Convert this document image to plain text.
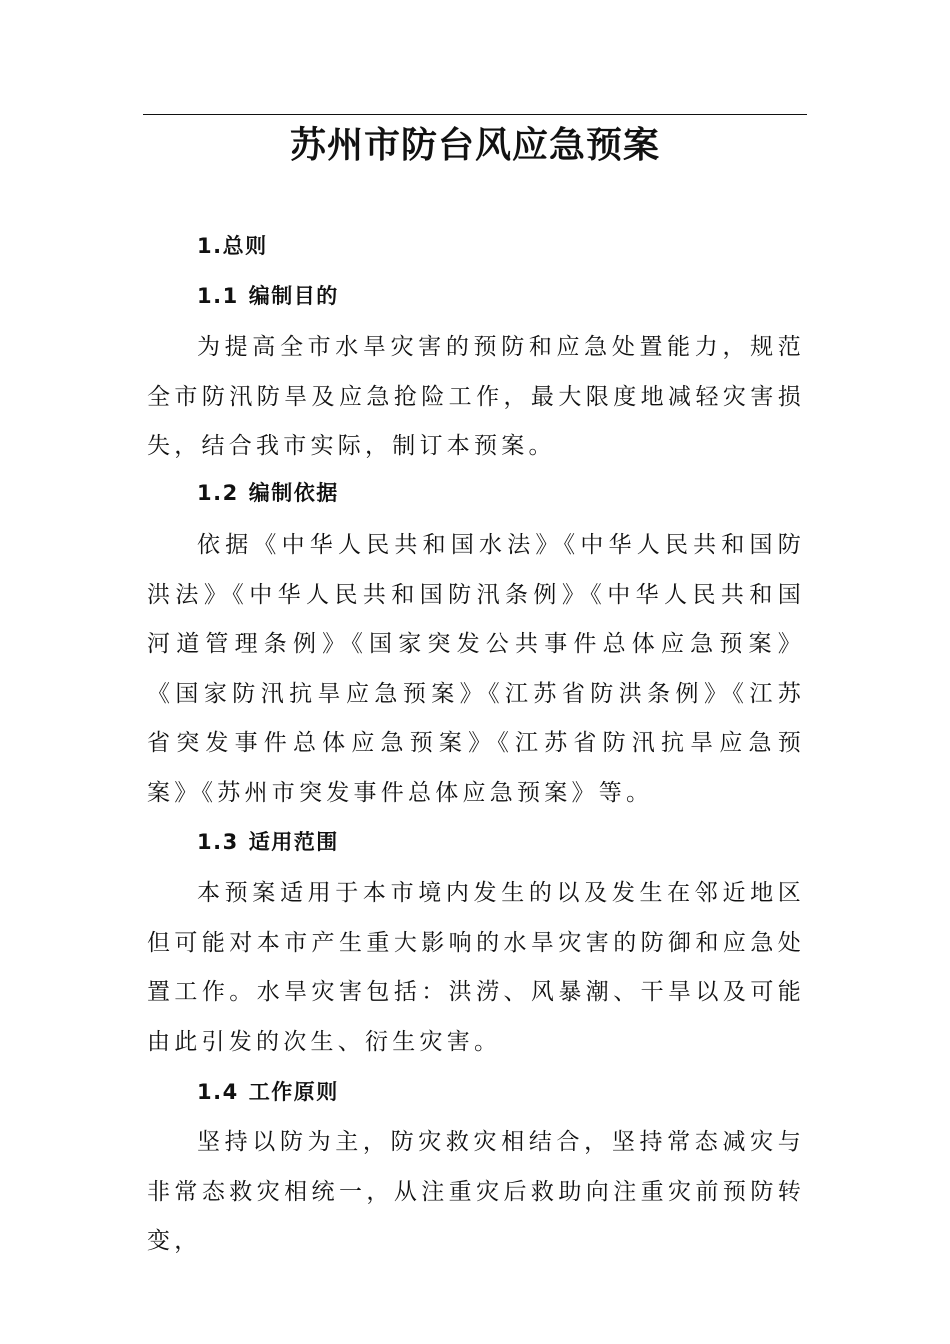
苏州市防台风应急预案
1.总则
1.1 编制目的

为提高全市水旱灾害的预防和应急处置能力，规范全市防汛防旱及应急抢险工作，最大限度地减轻灾害损失，结合我市实际，制订本预案。

1.2 编制依据

依据《中华人民共和国水法》《中华人民共和国防洪法》《中华人民共和国防汛条例》《中华人民共和国河道管理条例》《国家突发公共事件总体应急预案》《国家防汛抗旱应急预案》《江苏省防洪条例》《江苏省突发事件总体应急预案》《江苏省防汛抗旱应急预案》《苏州市突发事件总体应急预案》等。

1.3 适用范围

本预案适用于本市境内发生的以及发生在邻近地区但可能对本市产生重大影响的水旱灾害的防御和应急处置工作。水旱灾害包括：洪涝、风暴潮、干旱以及可能由此引发的次生、衍生灾害。

1.4 工作原则

坚持以防为主，防灾救灾相结合，坚持常态减灾与非常态救灾相统一，从注重灾后救助向注重灾前预防转变，
